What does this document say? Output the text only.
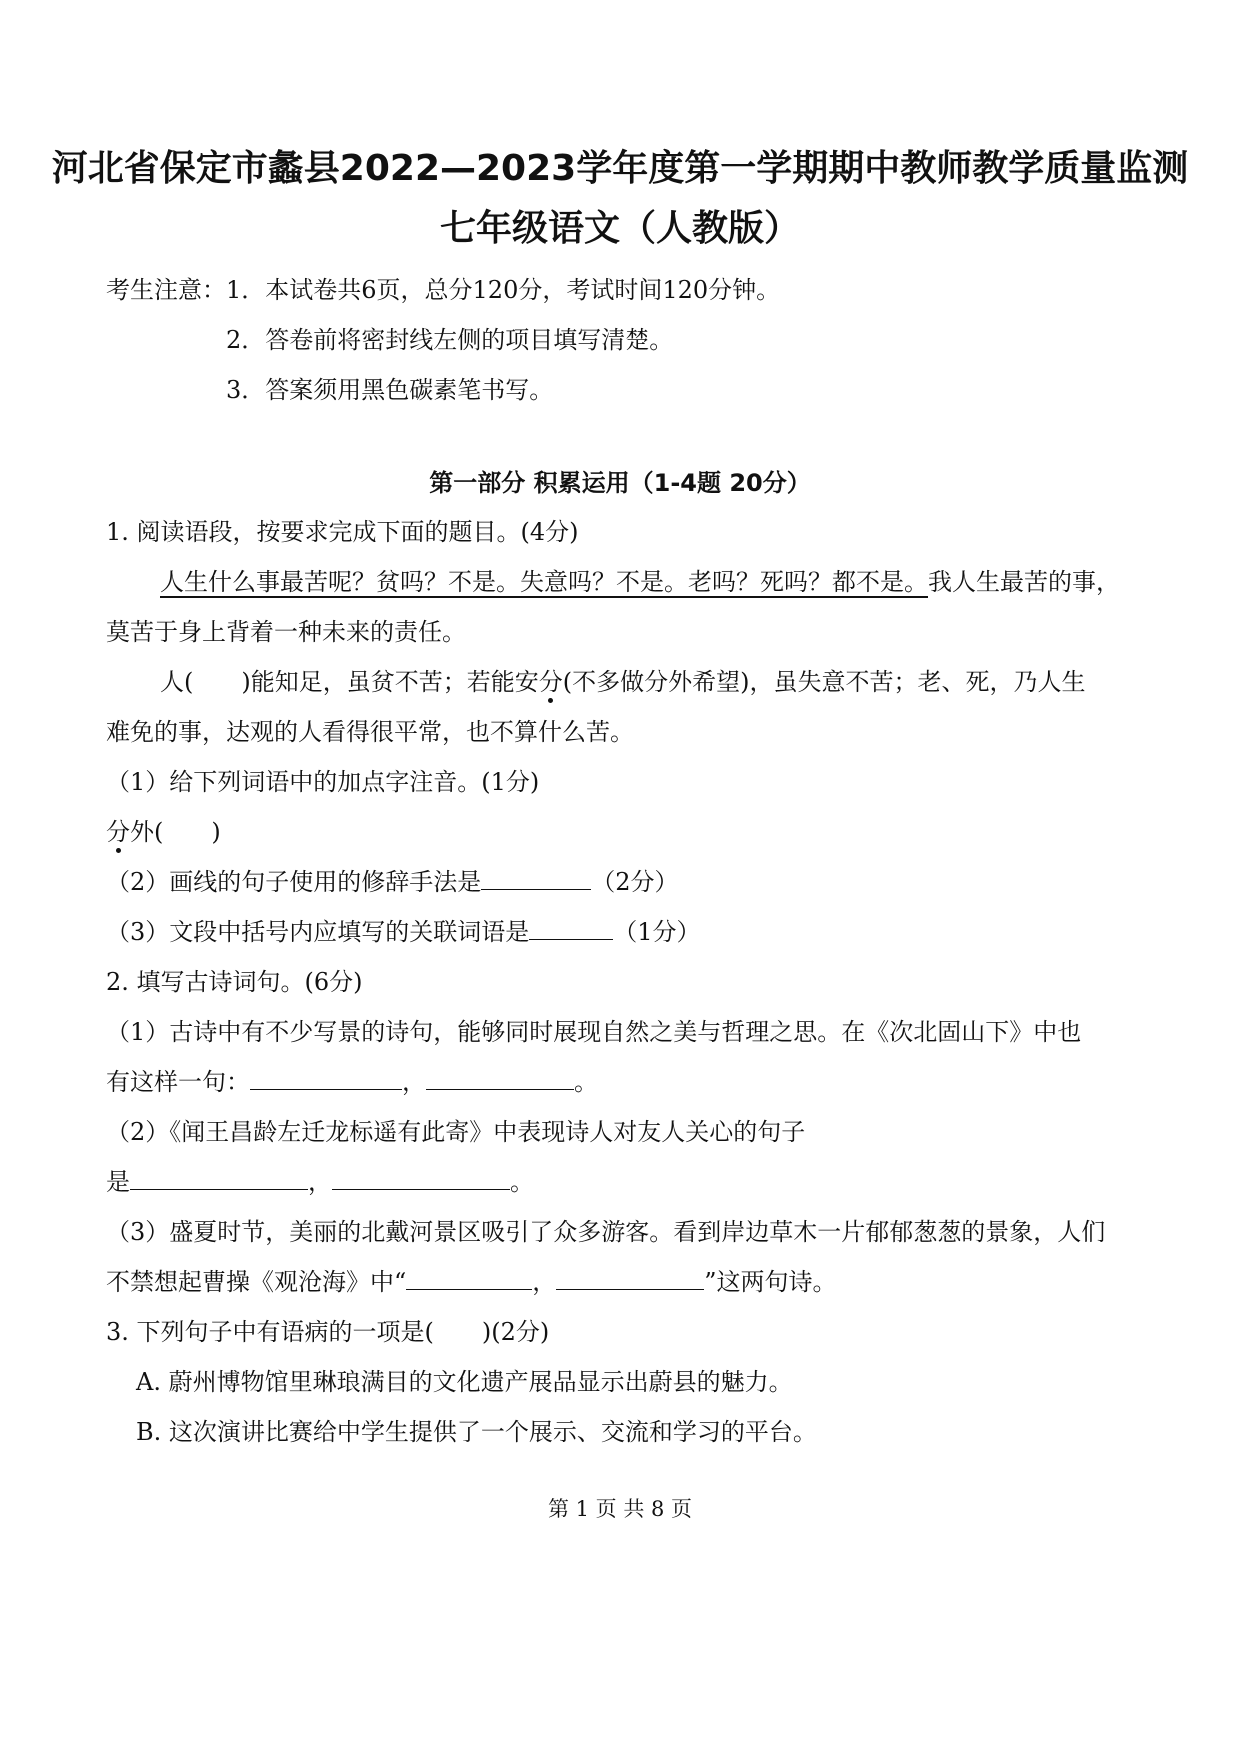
河北省保定市蠡县2022—2023学年度第一学期期中教师教学质量监测
七年级语文（人教版）
考生注意：1．本试卷共6页，总分120分，考试时间120分钟。
2．答卷前将密封线左侧的项目填写清楚。
3．答案须用黑色碳素笔书写。
第一部分 积累运用（1-4题 20分）
1. 阅读语段，按要求完成下面的题目。(4分)
人生什么事最苦呢？贫吗？不是。失意吗？不是。老吗？死吗？都不是。我人生最苦的事，
莫苦于身上背着一种未来的责任。
人(　　)能知足，虽贫不苦；若能安分(不多做分外希望)，虽失意不苦；老、死，乃人生
难免的事，达观的人看得很平常，也不算什么苦。
（1）给下列词语中的加点字注音。(1分)
分外(　　)
（2）画线的句子使用的修辞手法是	（2分）
（3）文段中括号内应填写的关联词语是	（1分）
2. 填写古诗词句。(6分)
（1）古诗中有不少写景的诗句，能够同时展现自然之美与哲理之思。在《次北固山下》中也
有这样一句：	，	。
（2）《闻王昌龄左迁龙标遥有此寄》中表现诗人对友人关心的句子
是	，	。
（3）盛夏时节，美丽的北戴河景区吸引了众多游客。看到岸边草木一片郁郁葱葱的景象，人们
不禁想起曹操《观沧海》中“	，	”这两句诗。
3. 下列句子中有语病的一项是(　　)(2分)
A. 蔚州博物馆里琳琅满目的文化遗产展品显示出蔚县的魅力。
B. 这次演讲比赛给中学生提供了一个展示、交流和学习的平台。
第 1 页 共 8 页
